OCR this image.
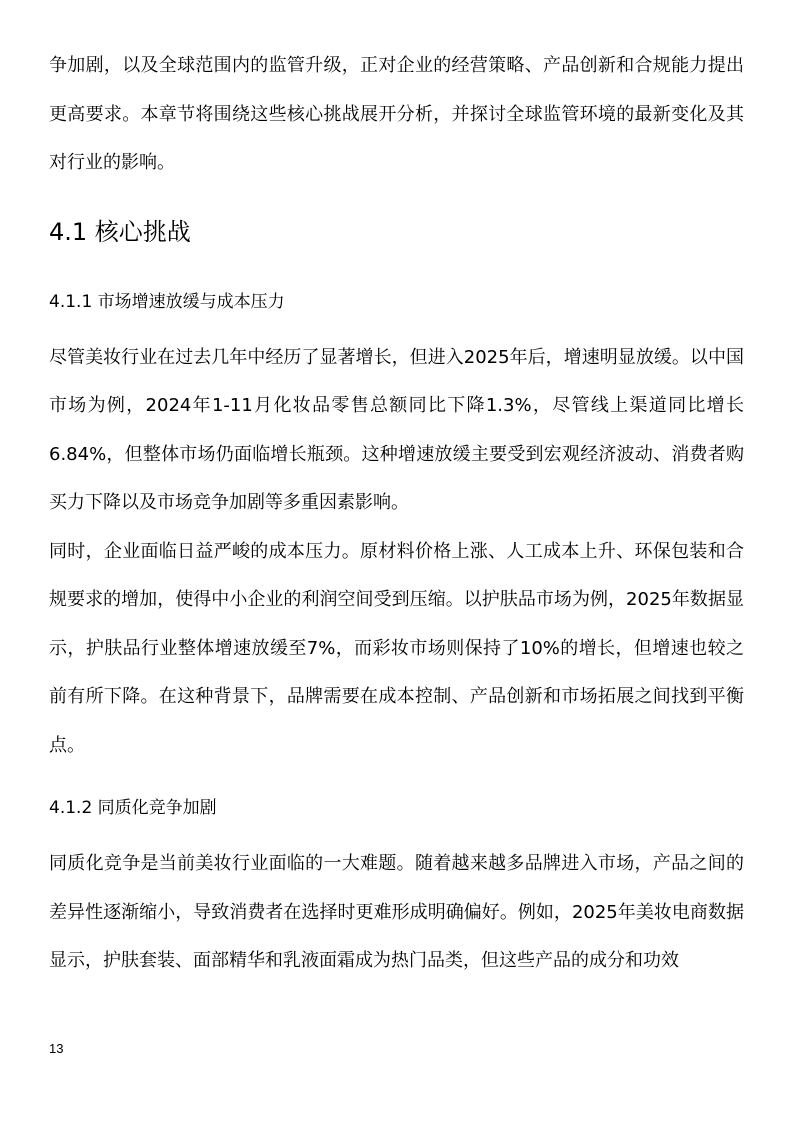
争加剧，以及全球范围内的监管升级，正对企业的经营策略、产品创新和合规能力提出更高要求。本章节将围绕这些核心挑战展开分析，并探讨全球监管环境的最新变化及其对行业的影响。

4.1 核心挑战
4.1.1 市场增速放缓与成本压力

尽管美妆行业在过去几年中经历了显著增长，但进入2025年后，增速明显放缓。以中国市场为例，2024年1-11月化妆品零售总额同比下降1.3%，尽管线上渠道同比增长6.84%，但整体市场仍面临增长瓶颈。这种增速放缓主要受到宏观经济波动、消费者购买力下降以及市场竞争加剧等多重因素影响。

同时，企业面临日益严峻的成本压力。原材料价格上涨、人工成本上升、环保包装和合规要求的增加，使得中小企业的利润空间受到压缩。以护肤品市场为例，2025年数据显示，护肤品行业整体增速放缓至7%，而彩妆市场则保持了10%的增长，但增速也较之前有所下降。在这种背景下，品牌需要在成本控制、产品创新和市场拓展之间找到平衡点。

4.1.2 同质化竞争加剧

同质化竞争是当前美妆行业面临的一大难题。随着越来越多品牌进入市场，产品之间的差异性逐渐缩小，导致消费者在选择时更难形成明确偏好。例如，2025年美妆电商数据显示，护肤套装、面部精华和乳液面霜成为热门品类，但这些产品的成分和功效

13
